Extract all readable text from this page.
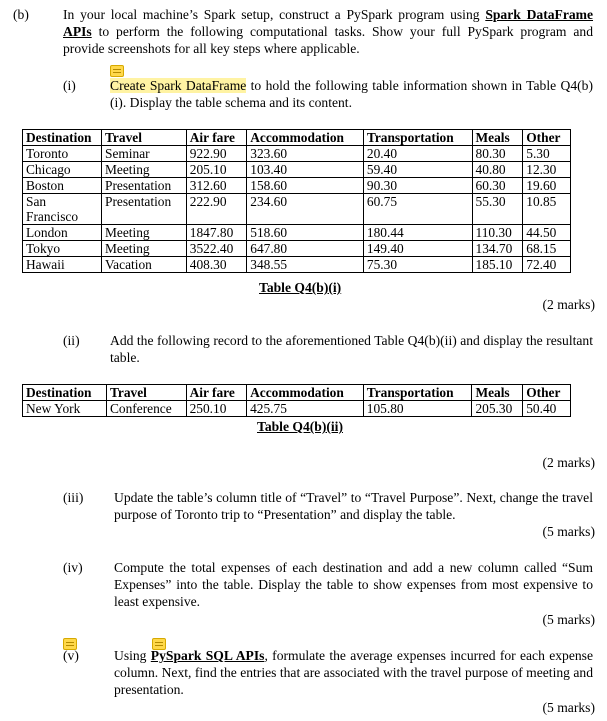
(b)	In your local machine’s Spark setup, construct a PySpark program using Spark DataFrame APIs to perform the following computational tasks. Show your full PySpark program and provide screenshots for all key steps where applicable.
(i)	Create Spark DataFrame to hold the following table information shown in Table Q4(b)(i). Display the table schema and its content.
Destination	Travel	Air fare	Accommodation	Transportation	Meals	Other
Toronto	Seminar	922.90	323.60	20.40	80.30	5.30
Chicago	Meeting	205.10	103.40	59.40	40.80	12.30
Boston	Presentation	312.60	158.60	90.30	60.30	19.60
San Francisco	Presentation	222.90	234.60	60.75	55.30	10.85
London	Meeting	1847.80	518.60	180.44	110.30	44.50
Tokyo	Meeting	3522.40	647.80	149.40	134.70	68.15
Hawaii	Vacation	408.30	348.55	75.30	185.10	72.40
Table Q4(b)(i)
(2 marks)
(ii) Add the following record to the aforementioned Table Q4(b)(ii) and display the resultant table.
Destination	Travel	Air fare	Accommodation	Transportation	Meals	Other
New York	Conference	250.10	425.75	105.80	205.30	50.40
Table Q4(b)(ii)
(2 marks)
(iii) Update the table’s column title of “Travel” to “Travel Purpose”. Next, change the travel purpose of Toronto trip to “Presentation” and display the table.
(5 marks)
(iv) Compute the total expenses of each destination and add a new column called “Sum Expenses” into the table. Display the table to show expenses from most expensive to least expensive.
(5 marks)
(v)	Using PySpark SQL APIs, formulate the average expenses incurred for each expense column. Next, find the entries that are associated with the travel purpose of meeting and presentation.
(5 marks)
